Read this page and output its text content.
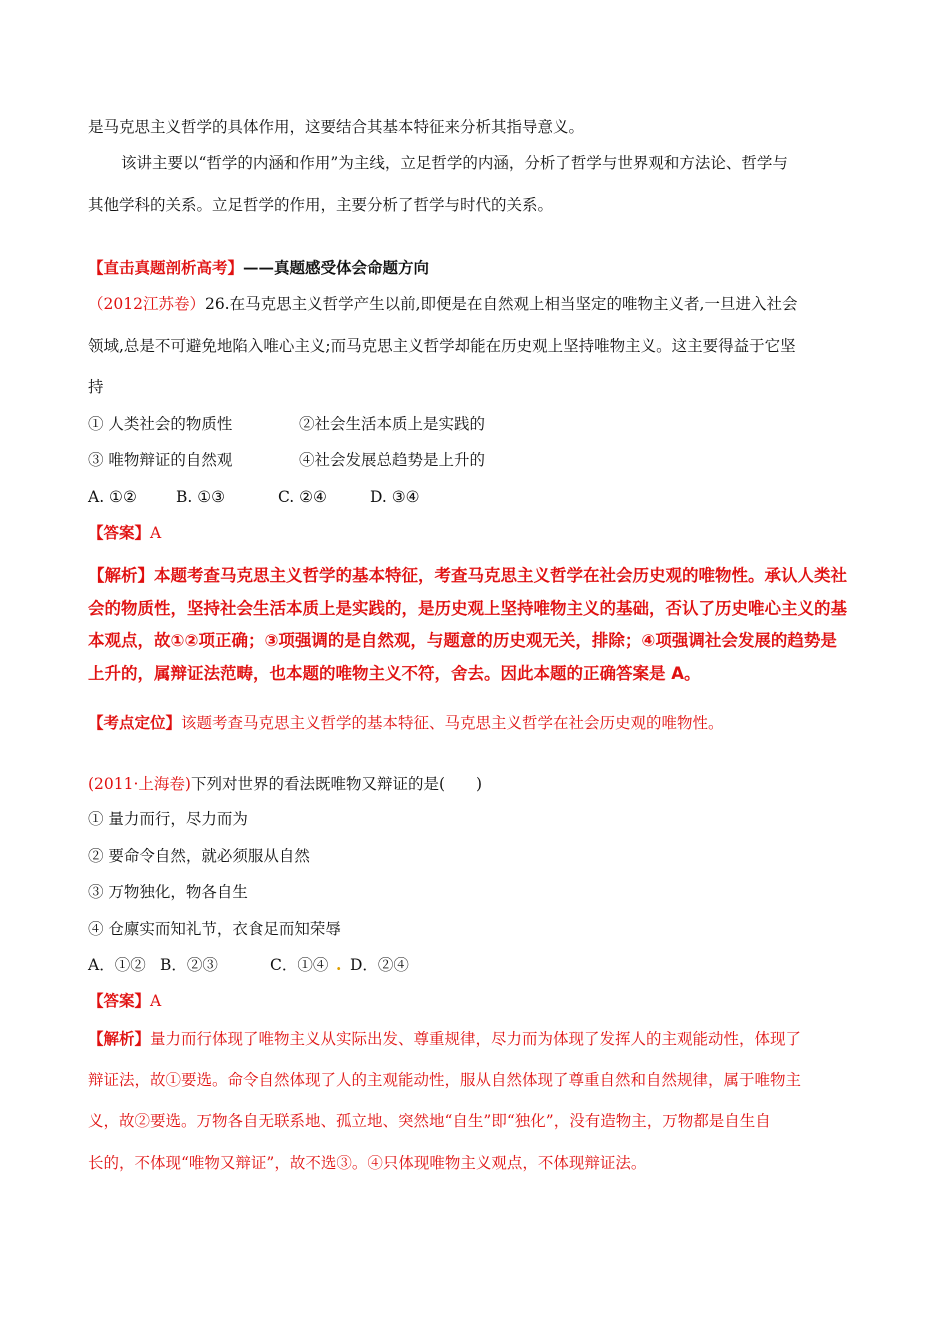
是马克思主义哲学的具体作用，这要结合其基本特征来分析其指导意义。
该讲主要以“哲学的内涵和作用”为主线，立足哲学的内涵，分析了哲学与世界观和方法论、哲学与
其他学科的关系。立足哲学的作用，主要分析了哲学与时代的关系。
【直击真题剖析高考】——真题感受体会命题方向
（2012江苏卷）26.在马克思主义哲学产生以前,即便是在自然观上相当坚定的唯物主义者,一旦进入社会
领域,总是不可避免地陷入唯心主义;而马克思主义哲学却能在历史观上坚持唯物主义。这主要得益于它坚
持
① 人类社会的物质性	②社会生活本质上是实践的
③ 唯物辩证的自然观	④社会发展总趋势是上升的
A. ①②	B. ①③	C. ②④	D. ③④
【答案】A
【解析】本题考查马克思主义哲学的基本特征，考查马克思主义哲学在社会历史观的唯物性。承认人类社
会的物质性，坚持社会生活本质上是实践的，是历史观上坚持唯物主义的基础，否认了历史唯心主义的基
本观点，故①②项正确；③项强调的是自然观，与题意的历史观无关，排除；④项强调社会发展的趋势是
上升的，属辩证法范畴，也本题的唯物主义不符，舍去。因此本题的正确答案是 A。
【考点定位】该题考查马克思主义哲学的基本特征、马克思主义哲学在社会历史观的唯物性。
(2011·上海卷)下列对世界的看法既唯物又辩证的是(　　)
① 量力而行，尽力而为
② 要命令自然，就必须服从自然
③ 万物独化，物各自生
④ 仓廪实而知礼节，衣食足而知荣辱
A．①② B．②③	C．①④ . D．②④
【答案】A
【解析】量力而行体现了唯物主义从实际出发、尊重规律，尽力而为体现了发挥人的主观能动性，体现了
辩证法，故①要选。命令自然体现了人的主观能动性，服从自然体现了尊重自然和自然规律，属于唯物主
义，故②要选。万物各自无联系地、孤立地、突然地“自生”即“独化”，没有造物主，万物都是自生自
长的，不体现“唯物又辩证”，故不选③。④只体现唯物主义观点，不体现辩证法。
